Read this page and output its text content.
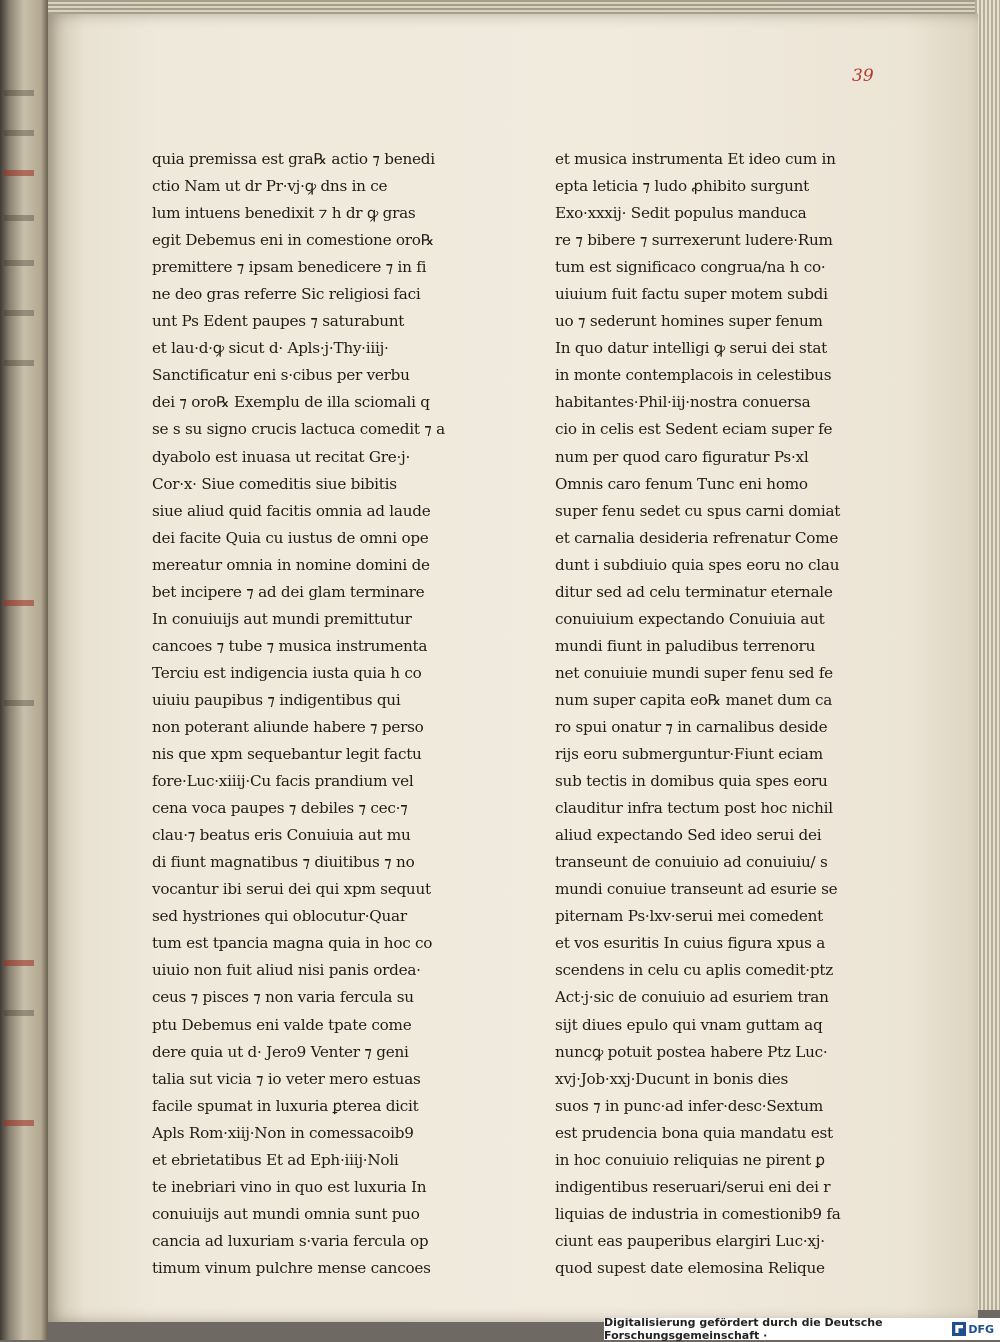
39
quia premissa est gra℞ actio ⁊ benedi
ctio Nam ut dr Pr·vj·ꝙ dns in ce
lum intuens benedixit ⁊ h dr ꝙ gras
egit Debemus eni in comestione oro℞
premittere ⁊ ipsam benedicere ⁊ in fi
ne deo gras referre Sic religiosi faci
unt Ps Edent paupes ⁊ saturabunt
et lau·d·ꝙ sicut d· Apls·j·Thy·iiij·
Sanctificatur eni s·cibus per verbu
dei ⁊ oro℞ Exemplu de illa sciomali q
se s su signo crucis lactuca comedit ⁊ a
dyabolo est inuasa ut recitat Gre·j·
Cor·x· Siue comeditis siue bibitis
siue aliud quid facitis omnia ad laude
dei facite Quia cu iustus de omni ope
mereatur omnia in nomine domini de
bet incipere ⁊ ad dei glam terminare
In conuiuijs aut mundi premittutur
cancoes ⁊ tube ⁊ musica instrumenta
Terciu est indigencia iusta quia h co
uiuiu paupibus ⁊ indigentibus qui
non poterant aliunde habere ⁊ perso
nis que xpm sequebantur legit factu
fore·Luc·xiiij·Cu facis prandium vel
cena voca paupes ⁊ debiles ⁊ cec·⁊
clau·⁊ beatus eris Conuiuia aut mu
di fiunt magnatibus ⁊ diuitibus ⁊ no
vocantur ibi serui dei qui xpm sequut
sed hystriones qui oblocutur·Quar
tum est tpancia magna quia in hoc co
uiuio non fuit aliud nisi panis ordea·
ceus ⁊ pisces ⁊ non varia fercula su
ptu Debemus eni valde tpate come
dere quia ut d· Jero9 Venter ⁊ geni
talia sut vicia ⁊ io veter mero estuas
facile spumat in luxuria ꝑterea dicit
Apls Rom·xiij·Non in comessacoib9
et ebrietatibus Et ad Eph·iiij·Noli
te inebriari vino in quo est luxuria In
conuiuijs aut mundi omnia sunt puo
cancia ad luxuriam s·varia fercula op
timum vinum pulchre mense cancoes
et musica instrumenta Et ideo cum in
epta leticia ⁊ ludo ꝓhibito surgunt
Exo·xxxij· Sedit populus manduca
re ⁊ bibere ⁊ surrexerunt ludere·Rum
tum est significaco congrua/na h co·
uiuium fuit factu super motem subdi
uo ⁊ sederunt homines super fenum
In quo datur intelligi ꝙ serui dei stat
in monte contemplacois in celestibus
habitantes·Phil·iij·nostra conuersa
cio in celis est Sedent eciam super fe
num per quod caro figuratur Ps·xl
Omnis caro fenum Tunc eni homo
super fenu sedet cu spus carni domiat
et carnalia desideria refrenatur Come
dunt i subdiuio quia spes eoru no clau
ditur sed ad celu terminatur eternale
conuiuium expectando Conuiuia aut
mundi fiunt in paludibus terrenoru
net conuiuie mundi super fenu sed fe
num super capita eo℞ manet dum ca
ro spui onatur ⁊ in carnalibus deside
rijs eoru submerguntur·Fiunt eciam
sub tectis in domibus quia spes eoru
clauditur infra tectum post hoc nichil
aliud expectando Sed ideo serui dei
transeunt de conuiuio ad conuiuiu/ s
mundi conuiue transeunt ad esurie se
piternam Ps·lxv·serui mei comedent
et vos esuritis In cuius figura xpus a
scendens in celu cu aplis comedit·ptz
Act·j·sic de conuiuio ad esuriem tran
sijt diues epulo qui vnam guttam aq
nuncꝙ potuit postea habere Ptz Luc·
xvj·Job·xxj·Ducunt in bonis dies
suos ⁊ in punc·ad infer·desc·Sextum
est prudencia bona quia mandatu est
in hoc conuiuio reliquias ne pirent ꝑ
indigentibus reseruari/serui eni dei r
liquias de industria in comestionib9 fa
ciunt eas pauperibus elargiri Luc·xj·
quod supest date elemosina Relique
Digitalisierung gefördert durch die Deutsche Forschungsgemeinschaft ·	DFG
